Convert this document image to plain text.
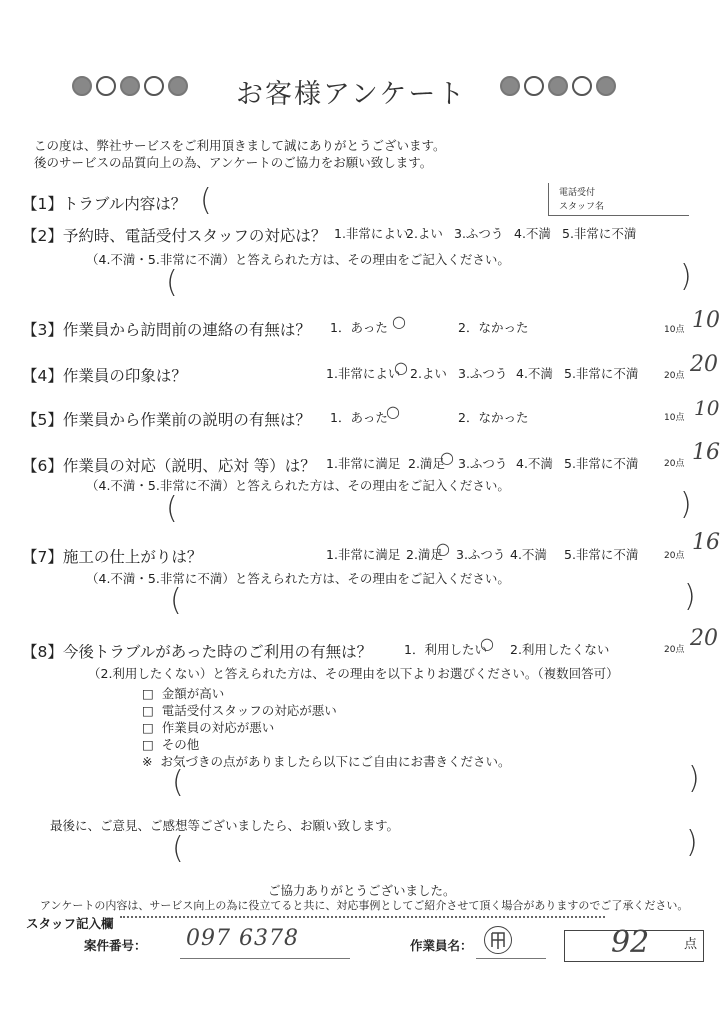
お客様アンケート
この度は、弊社サービスをご利用頂きまして誠にありがとうございます。
後のサービスの品質向上の為、アンケートのご協力をお願い致します。
【1】トラブル内容は？ (	電話受付
スタッフ名
【2】予約時、電話受付スタッフの対応は？ 1.非常によい
2.よい 3.ふつう 4.不満 5.非常に不満
（4.不満・5.非常に不満）と答えられた方は、その理由をご記入ください。
(	)
【3】作業員から訪問前の連絡の有無は？ 1．あった ○	2．なかった	10点 10
【4】作業員の印象は？	1.非常によい
○ 2.よい 3.ふつう 4.不満 5.非常に不満	20点 20
【5】作業員から作業前の説明の有無は？ 1．あった
○	2．なかった	10点 10
【6】作業員の対応（説明、応対 等）は？ 1.非常に満足 2.満足
○ 3.ふつう 4.不満 5.非常に不満	20点 16
（4.不満・5.非常に不満）と答えられた方は、その理由をご記入ください。
(	)
【7】施工の仕上がりは？	1.非常に満足 2.満足
○ 3.ふつう 4.不満 5.非常に不満	20点
16
（4.不満・5.非常に不満）と答えられた方は、その理由をご記入ください。
(	)
【8】今後トラブルがあった時のご利用の有無は？	1．利用したい
○ 2.利用したくない	20点 20
（2.利用したくない）と答えられた方は、その理由を以下よりお選びください。（複数回答可）
□ 金額が高い
□ 電話受付スタッフの対応が悪い
□ 作業員の対応が悪い
□ その他
※ お気づきの点がありましたら以下にご自由にお書きください。
(	)
最後に、ご意見、ご感想等ございましたら、お願い致します。
(	)
ご協力ありがとうございました。
アンケートの内容は、サービス向上の為に役立てると共に、対応事例としてご紹介させて頂く場合がありますのでご了承ください。
スタッフ記入欄
案件番号： 097 6378	作業員名：	92	点
